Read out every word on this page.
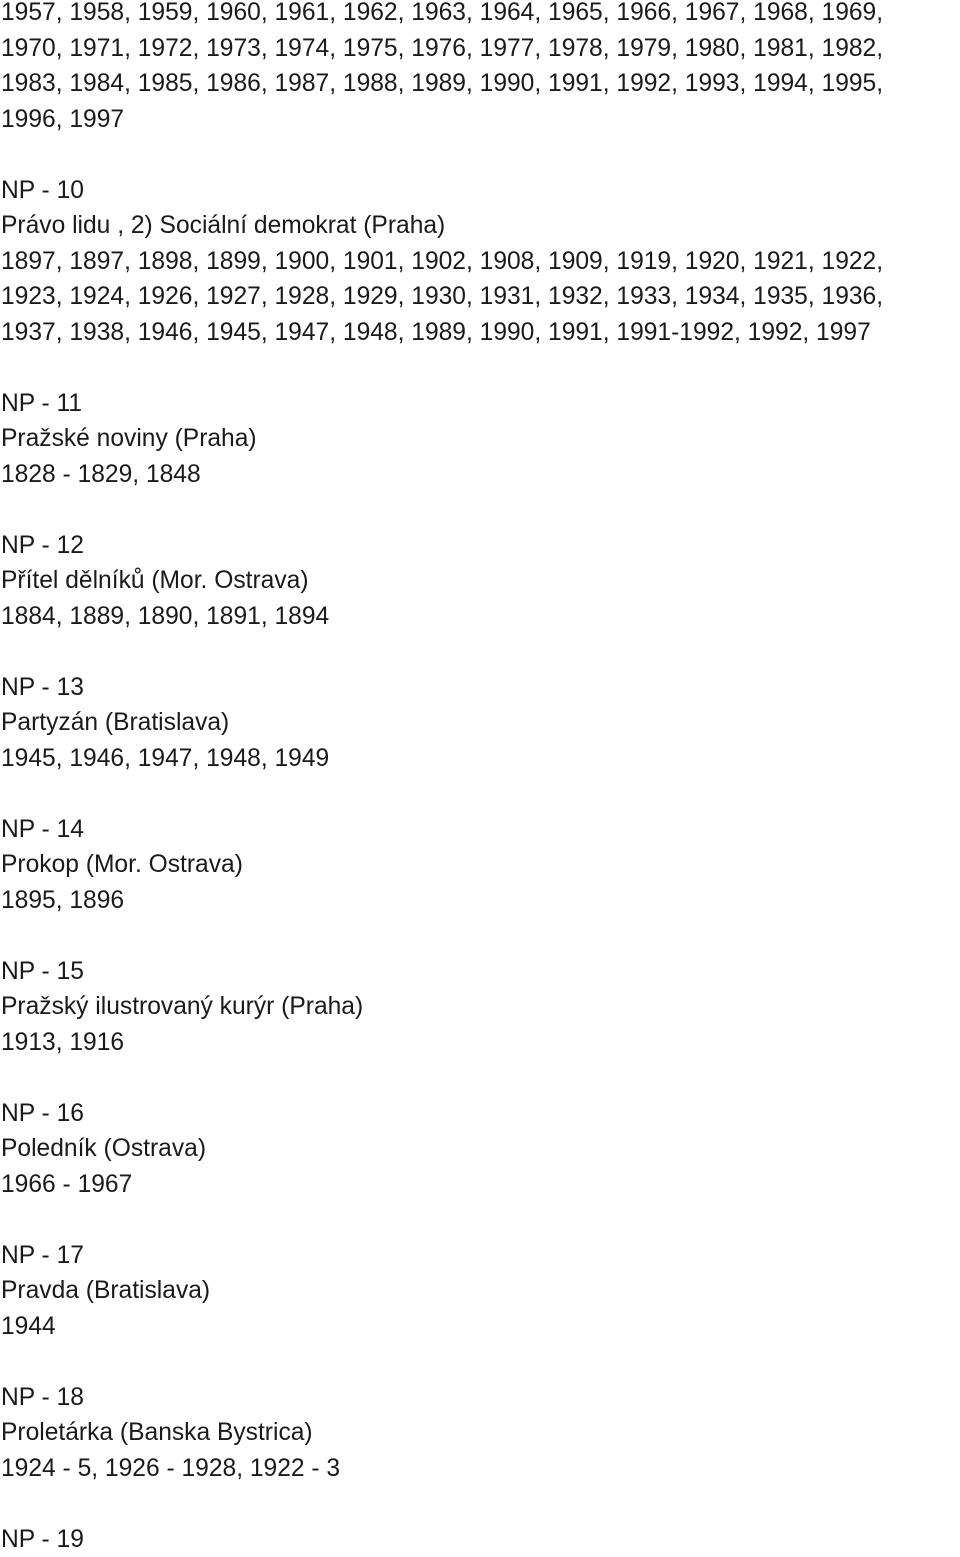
1957, 1958, 1959, 1960, 1961, 1962, 1963, 1964, 1965, 1966, 1967, 1968, 1969,

1970, 1971, 1972, 1973, 1974, 1975, 1976, 1977, 1978, 1979, 1980, 1981, 1982,

1983, 1984, 1985, 1986, 1987, 1988, 1989, 1990, 1991, 1992, 1993, 1994, 1995,

1996, 1997

NP - 10

Právo lidu , 2) Sociální demokrat (Praha)

1897, 1897, 1898, 1899, 1900, 1901, 1902, 1908, 1909, 1919, 1920, 1921, 1922,

1923, 1924, 1926, 1927, 1928, 1929, 1930, 1931, 1932, 1933, 1934, 1935, 1936,

1937, 1938, 1946, 1945, 1947, 1948, 1989, 1990, 1991, 1991-1992, 1992, 1997

NP - 11

Pražské noviny (Praha)

1828 - 1829, 1848

NP - 12

Přítel dělníků (Mor. Ostrava)

1884, 1889, 1890, 1891, 1894

NP - 13

Partyzán (Bratislava)

1945, 1946, 1947, 1948, 1949

NP - 14

Prokop (Mor. Ostrava)

1895, 1896

NP - 15

Pražský ilustrovaný kurýr (Praha)

1913, 1916

NP - 16

Poledník (Ostrava)

1966 - 1967

NP - 17

Pravda (Bratislava)

1944

NP - 18

Proletárka (Banska Bystrica)

1924 - 5, 1926 - 1928, 1922 - 3

NP - 19
